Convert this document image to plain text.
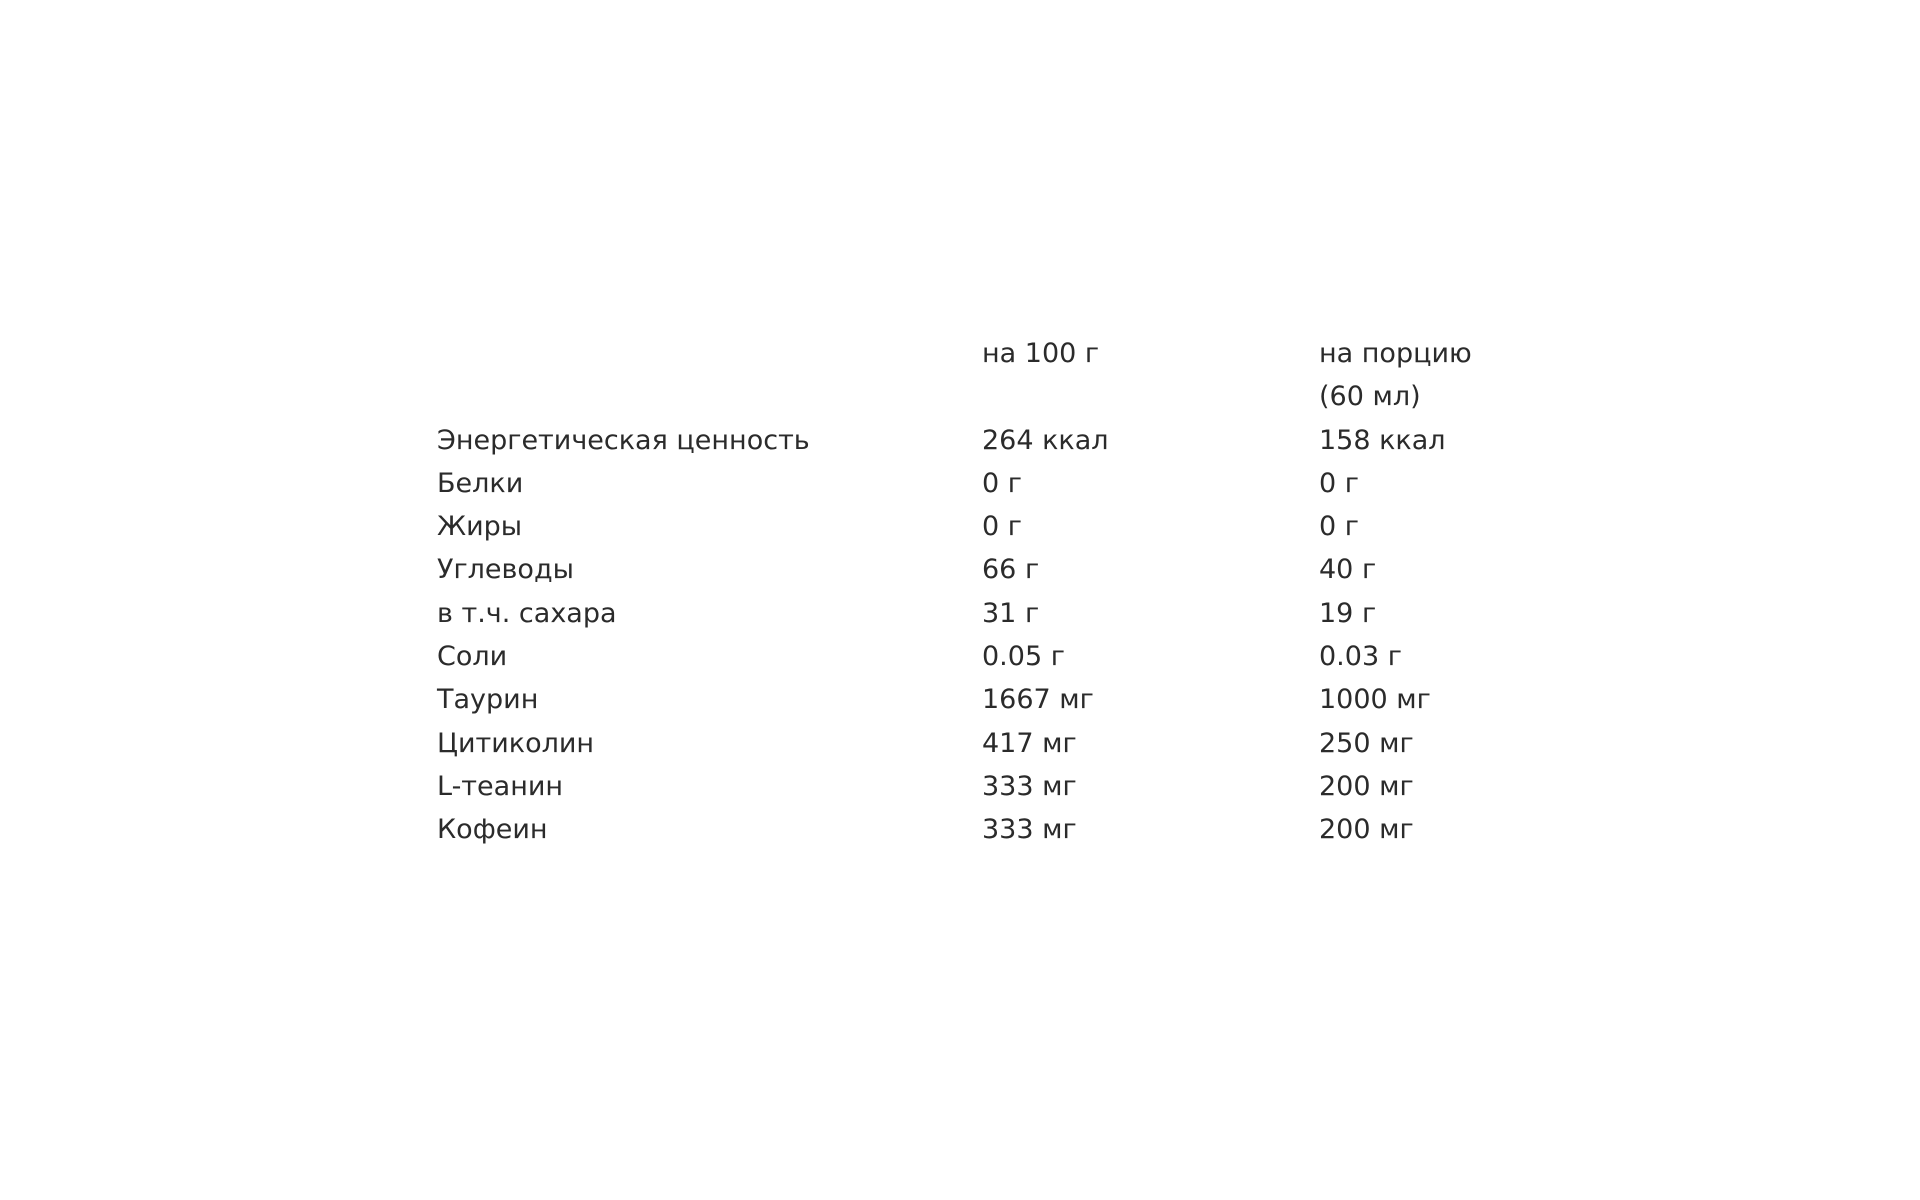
	на 100 г	на порцию
(60 мл)

Энергетическая ценность	264 ккал	158 ккал
Белки	0 г	0 г
Жиры	0 г	0 г
Углеводы	66 г	40 г
в т.ч. сахара	31 г	19 г
Соли	0.05 г	0.03 г
Таурин	1667 мг	1000 мг
Цитиколин	417 мг	250 мг
L-теанин	333 мг	200 мг
Кофеин	333 мг	200 мг
